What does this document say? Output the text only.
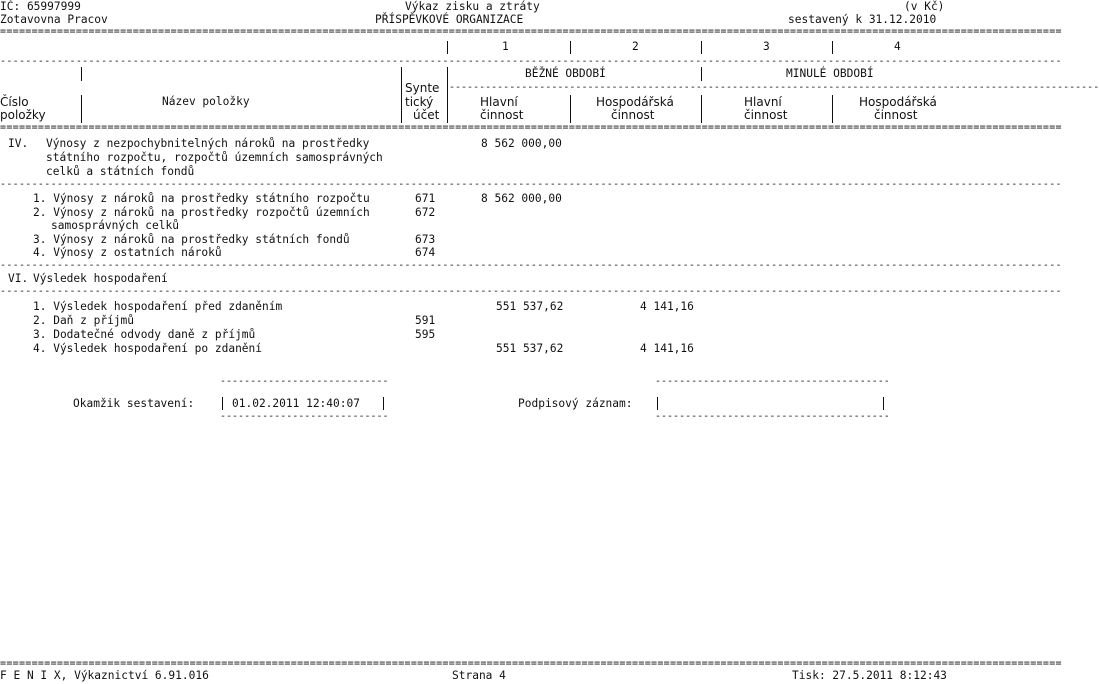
IČ: 65997999	Výkaz zisku a ztráty	(v Kč)
Zotavovna Pracov	PŘÍSPĚVKOVÉ ORGANIZACE	sestavený k 31.12.2010
========================================================================================================================================================================
1	2	3	4
------------------------------------------------------------------------------------------------------------------------------------------------------------------------
BĚŽNÉ OBDOBÍ	MINULÉ OBDOBÍ
Synte ------------------------------------------------------------------------------------------------------------
Číslo	Název položky	tický	Hlavní	Hospodářská	Hlavní	Hospodářská
položky	účet	činnost	činnost	činnost	činnost
========================================================================================================================================================================
IV. Výnosy z nezpochybnitelných nároků na prostředky	8 562 000,00
státního rozpočtu, rozpočtů územních samosprávných
celků a státních fondů
------------------------------------------------------------------------------------------------------------------------------------------------------------------------
1. Výnosy z nároků na prostředky státního rozpočtu	671	8 562 000,00
2. Výnosy z nároků na prostředky rozpočtů územních	672
samosprávných celků
3. Výnosy z nároků na prostředky státních fondů	673
4. Výnosy z ostatních nároků	674
------------------------------------------------------------------------------------------------------------------------------------------------------------------------
VI. Výsledek hospodaření
------------------------------------------------------------------------------------------------------------------------------------------------------------------------
1. Výsledek hospodaření před zdaněním	551 537,62	4 141,16
2. Daň z příjmů	591
3. Dodatečné odvody daně z příjmů	595
4. Výsledek hospodaření po zdanění	551 537,62	4 141,16
----------------------------
Okamžik sestavení:	01.02.2011 12:40:07
----------------------------
---------------------------------------
Podpisový záznam:
---------------------------------------
========================================================================================================================================================================
F E N I X, Výkaznictví 6.91.016	Strana 4	Tisk: 27.5.2011 8:12:43
